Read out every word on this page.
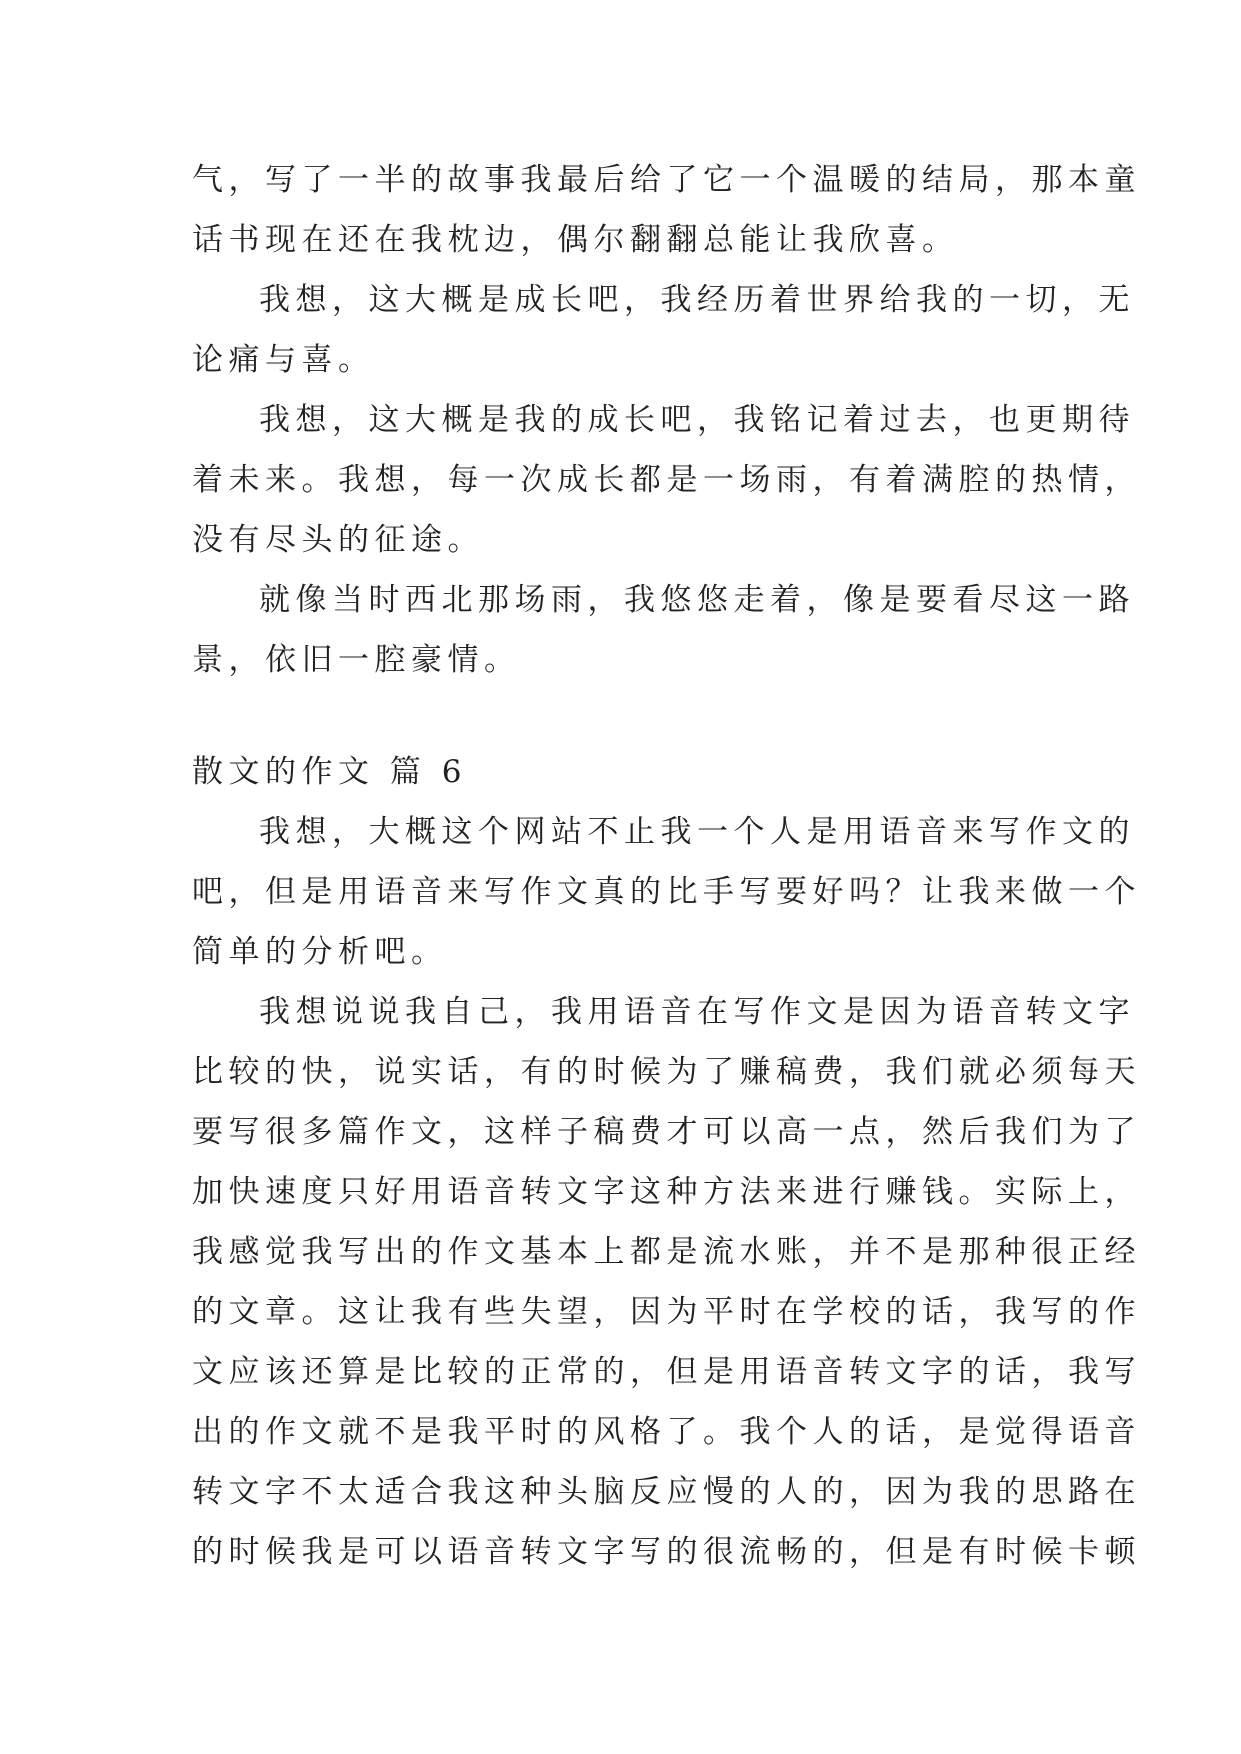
气，写了一半的故事我最后给了它一个温暖的结局，那本童
话书现在还在我枕边，偶尔翻翻总能让我欣喜。
我想，这大概是成长吧，我经历着世界给我的一切，无
论痛与喜。
我想，这大概是我的成长吧，我铭记着过去，也更期待
着未来。我想，每一次成长都是一场雨，有着满腔的热情，
没有尽头的征途。
就像当时西北那场雨，我悠悠走着，像是要看尽这一路
景，依旧一腔豪情。
散文的作文 篇 6
我想，大概这个网站不止我一个人是用语音来写作文的
吧，但是用语音来写作文真的比手写要好吗？让我来做一个
简单的分析吧。
我想说说我自己，我用语音在写作文是因为语音转文字
比较的快，说实话，有的时候为了赚稿费，我们就必须每天
要写很多篇作文，这样子稿费才可以高一点，然后我们为了
加快速度只好用语音转文字这种方法来进行赚钱。实际上，
我感觉我写出的作文基本上都是流水账，并不是那种很正经
的文章。这让我有些失望，因为平时在学校的话，我写的作
文应该还算是比较的正常的，但是用语音转文字的话，我写
出的作文就不是我平时的风格了。我个人的话，是觉得语音
转文字不太适合我这种头脑反应慢的人的，因为我的思路在
的时候我是可以语音转文字写的很流畅的，但是有时候卡顿
